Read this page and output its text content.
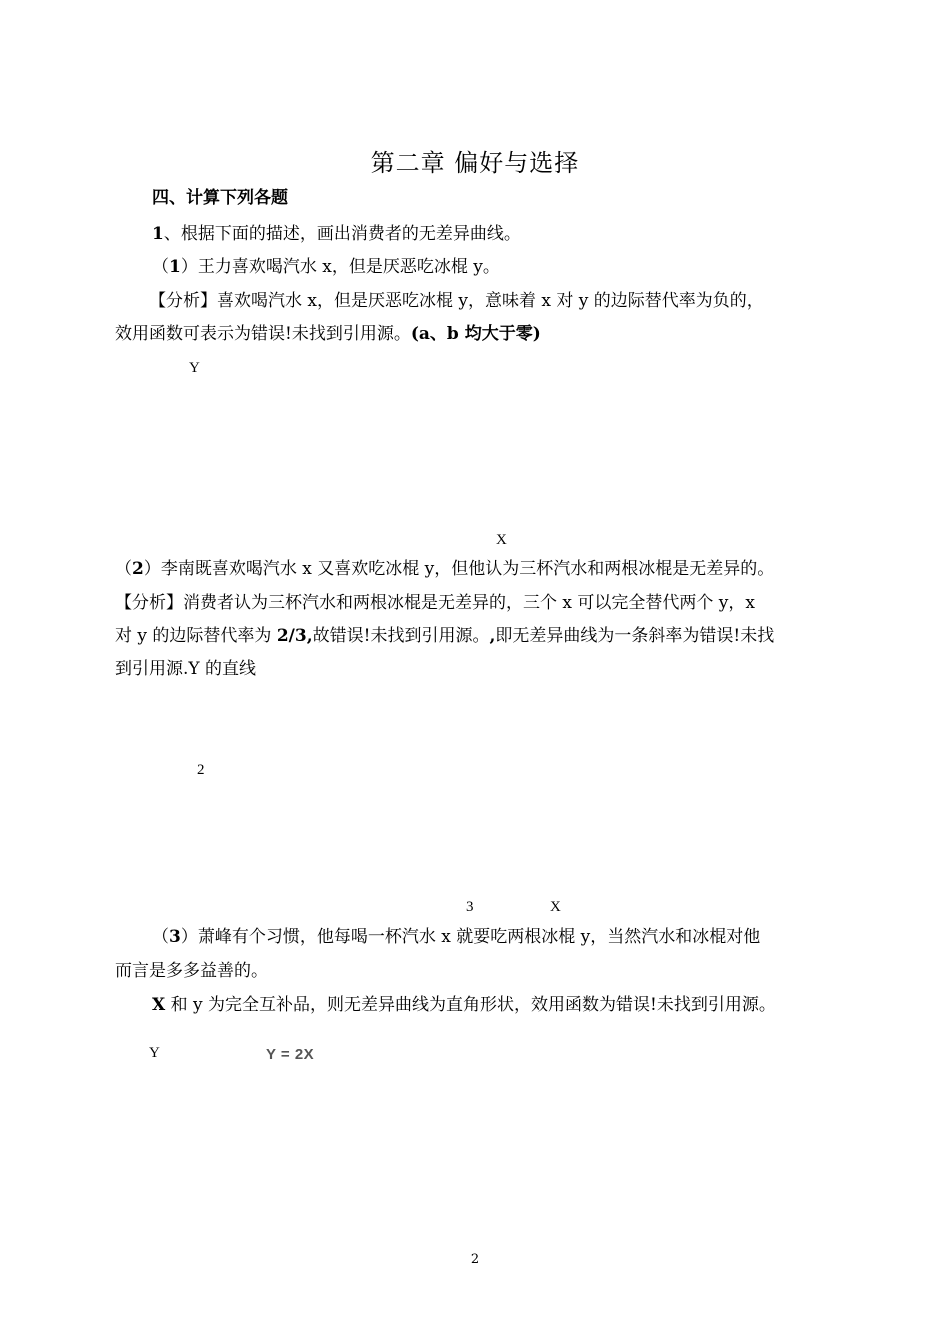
第二章 偏好与选择
四、计算下列各题
1、根据下面的描述，画出消费者的无差异曲线。
（1）王力喜欢喝汽水 x，但是厌恶吃冰棍 y。
【分析】喜欢喝汽水 x，但是厌恶吃冰棍 y，意味着 x 对 y 的边际替代率为负的，
效用函数可表示为错误!未找到引用源。(a、b 均大于零)
Y
X
（2）李南既喜欢喝汽水 x 又喜欢吃冰棍 y，但他认为三杯汽水和两根冰棍是无差异的。
【分析】消费者认为三杯汽水和两根冰棍是无差异的，三个 x 可以完全替代两个 y，x
对 y 的边际替代率为 2/3,故错误!未找到引用源。,即无差异曲线为一条斜率为错误!未找
到引用源.Y 的直线
2
3	X
（3）萧峰有个习惯，他每喝一杯汽水 x 就要吃两根冰棍 y，当然汽水和冰棍对他
而言是多多益善的。
X 和 y 为完全互补品，则无差异曲线为直角形状，效用函数为错误!未找到引用源。
Y	Y = 2X
2
